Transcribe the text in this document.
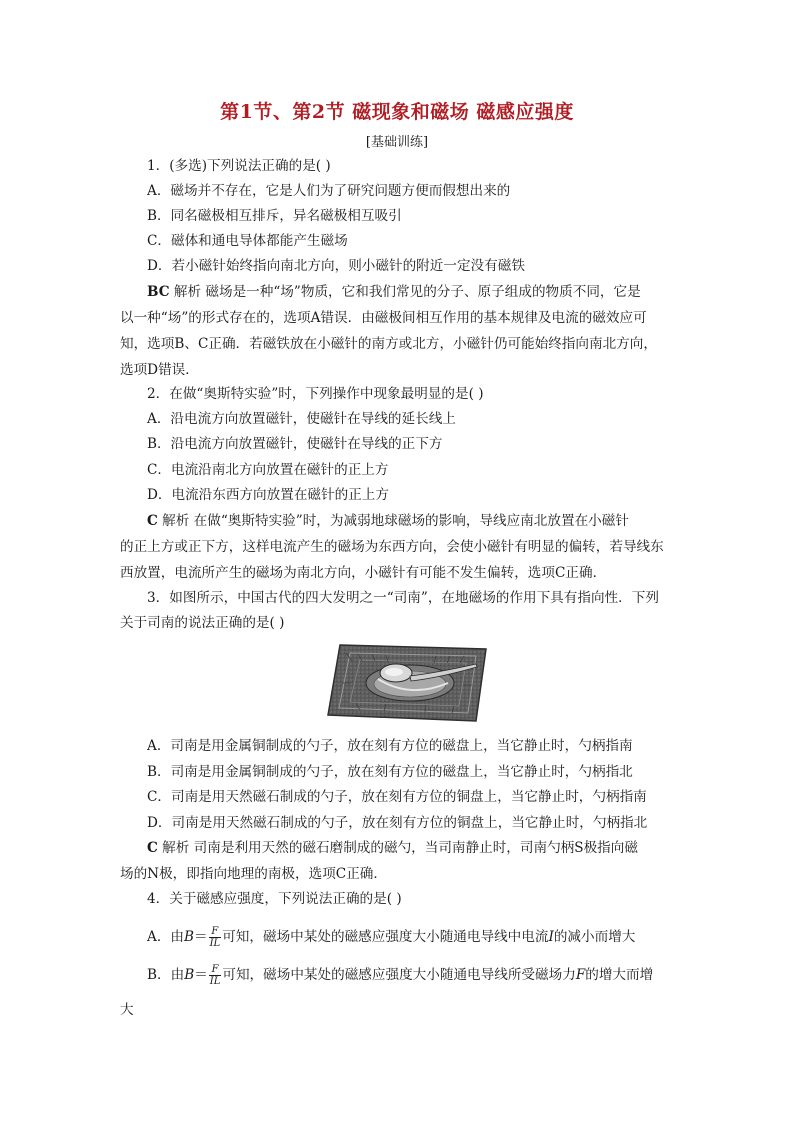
第1节、第2节 磁现象和磁场 磁感应强度
[基础训练]
1．(多选)下列说法正确的是( )
A．磁场并不存在，它是人们为了研究问题方便而假想出来的
B．同名磁极相互排斥，异名磁极相互吸引
C．磁体和通电导体都能产生磁场
D．若小磁针始终指向南北方向，则小磁针的附近一定没有磁铁
BC 解析 磁场是一种“场”物质，它和我们常见的分子、原子组成的物质不同，它是
以一种“场”的形式存在的，选项A错误．由磁极间相互作用的基本规律及电流的磁效应可
知，选项B、C正确．若磁铁放在小磁针的南方或北方，小磁针仍可能始终指向南北方向，
选项D错误．
2．在做“奥斯特实验”时，下列操作中现象最明显的是( )
A．沿电流方向放置磁针，使磁针在导线的延长线上
B．沿电流方向放置磁针，使磁针在导线的正下方
C．电流沿南北方向放置在磁针的正上方
D．电流沿东西方向放置在磁针的正上方
C 解析 在做“奥斯特实验”时，为减弱地球磁场的影响，导线应南北放置在小磁针
的正上方或正下方，这样电流产生的磁场为东西方向，会使小磁针有明显的偏转，若导线东
西放置，电流所产生的磁场为南北方向，小磁针有可能不发生偏转，选项C正确．
3．如图所示，中国古代的四大发明之一“司南”，在地磁场的作用下具有指向性．下列
关于司南的说法正确的是( )
A．司南是用金属铜制成的勺子，放在刻有方位的磁盘上，当它静止时，勺柄指南
B．司南是用金属铜制成的勺子，放在刻有方位的磁盘上，当它静止时，勺柄指北
C．司南是用天然磁石制成的勺子，放在刻有方位的铜盘上，当它静止时，勺柄指南
D．司南是用天然磁石制成的勺子，放在刻有方位的铜盘上，当它静止时，勺柄指北
C 解析 司南是利用天然的磁石磨制成的磁勺，当司南静止时，司南勺柄S极指向磁
场的N极，即指向地理的南极，选项C正确．
4．关于磁感应强度，下列说法正确的是( )
A．由$B= \frac{F}{IL}$ 可知，磁场中某处的磁感应强度大小随通电导线中电流I的减小而增大
B．由$B= \frac{F}{IL}$ 可知，磁场中某处的磁感应强度大小随通电导线所受磁场力F的增大而增
大
